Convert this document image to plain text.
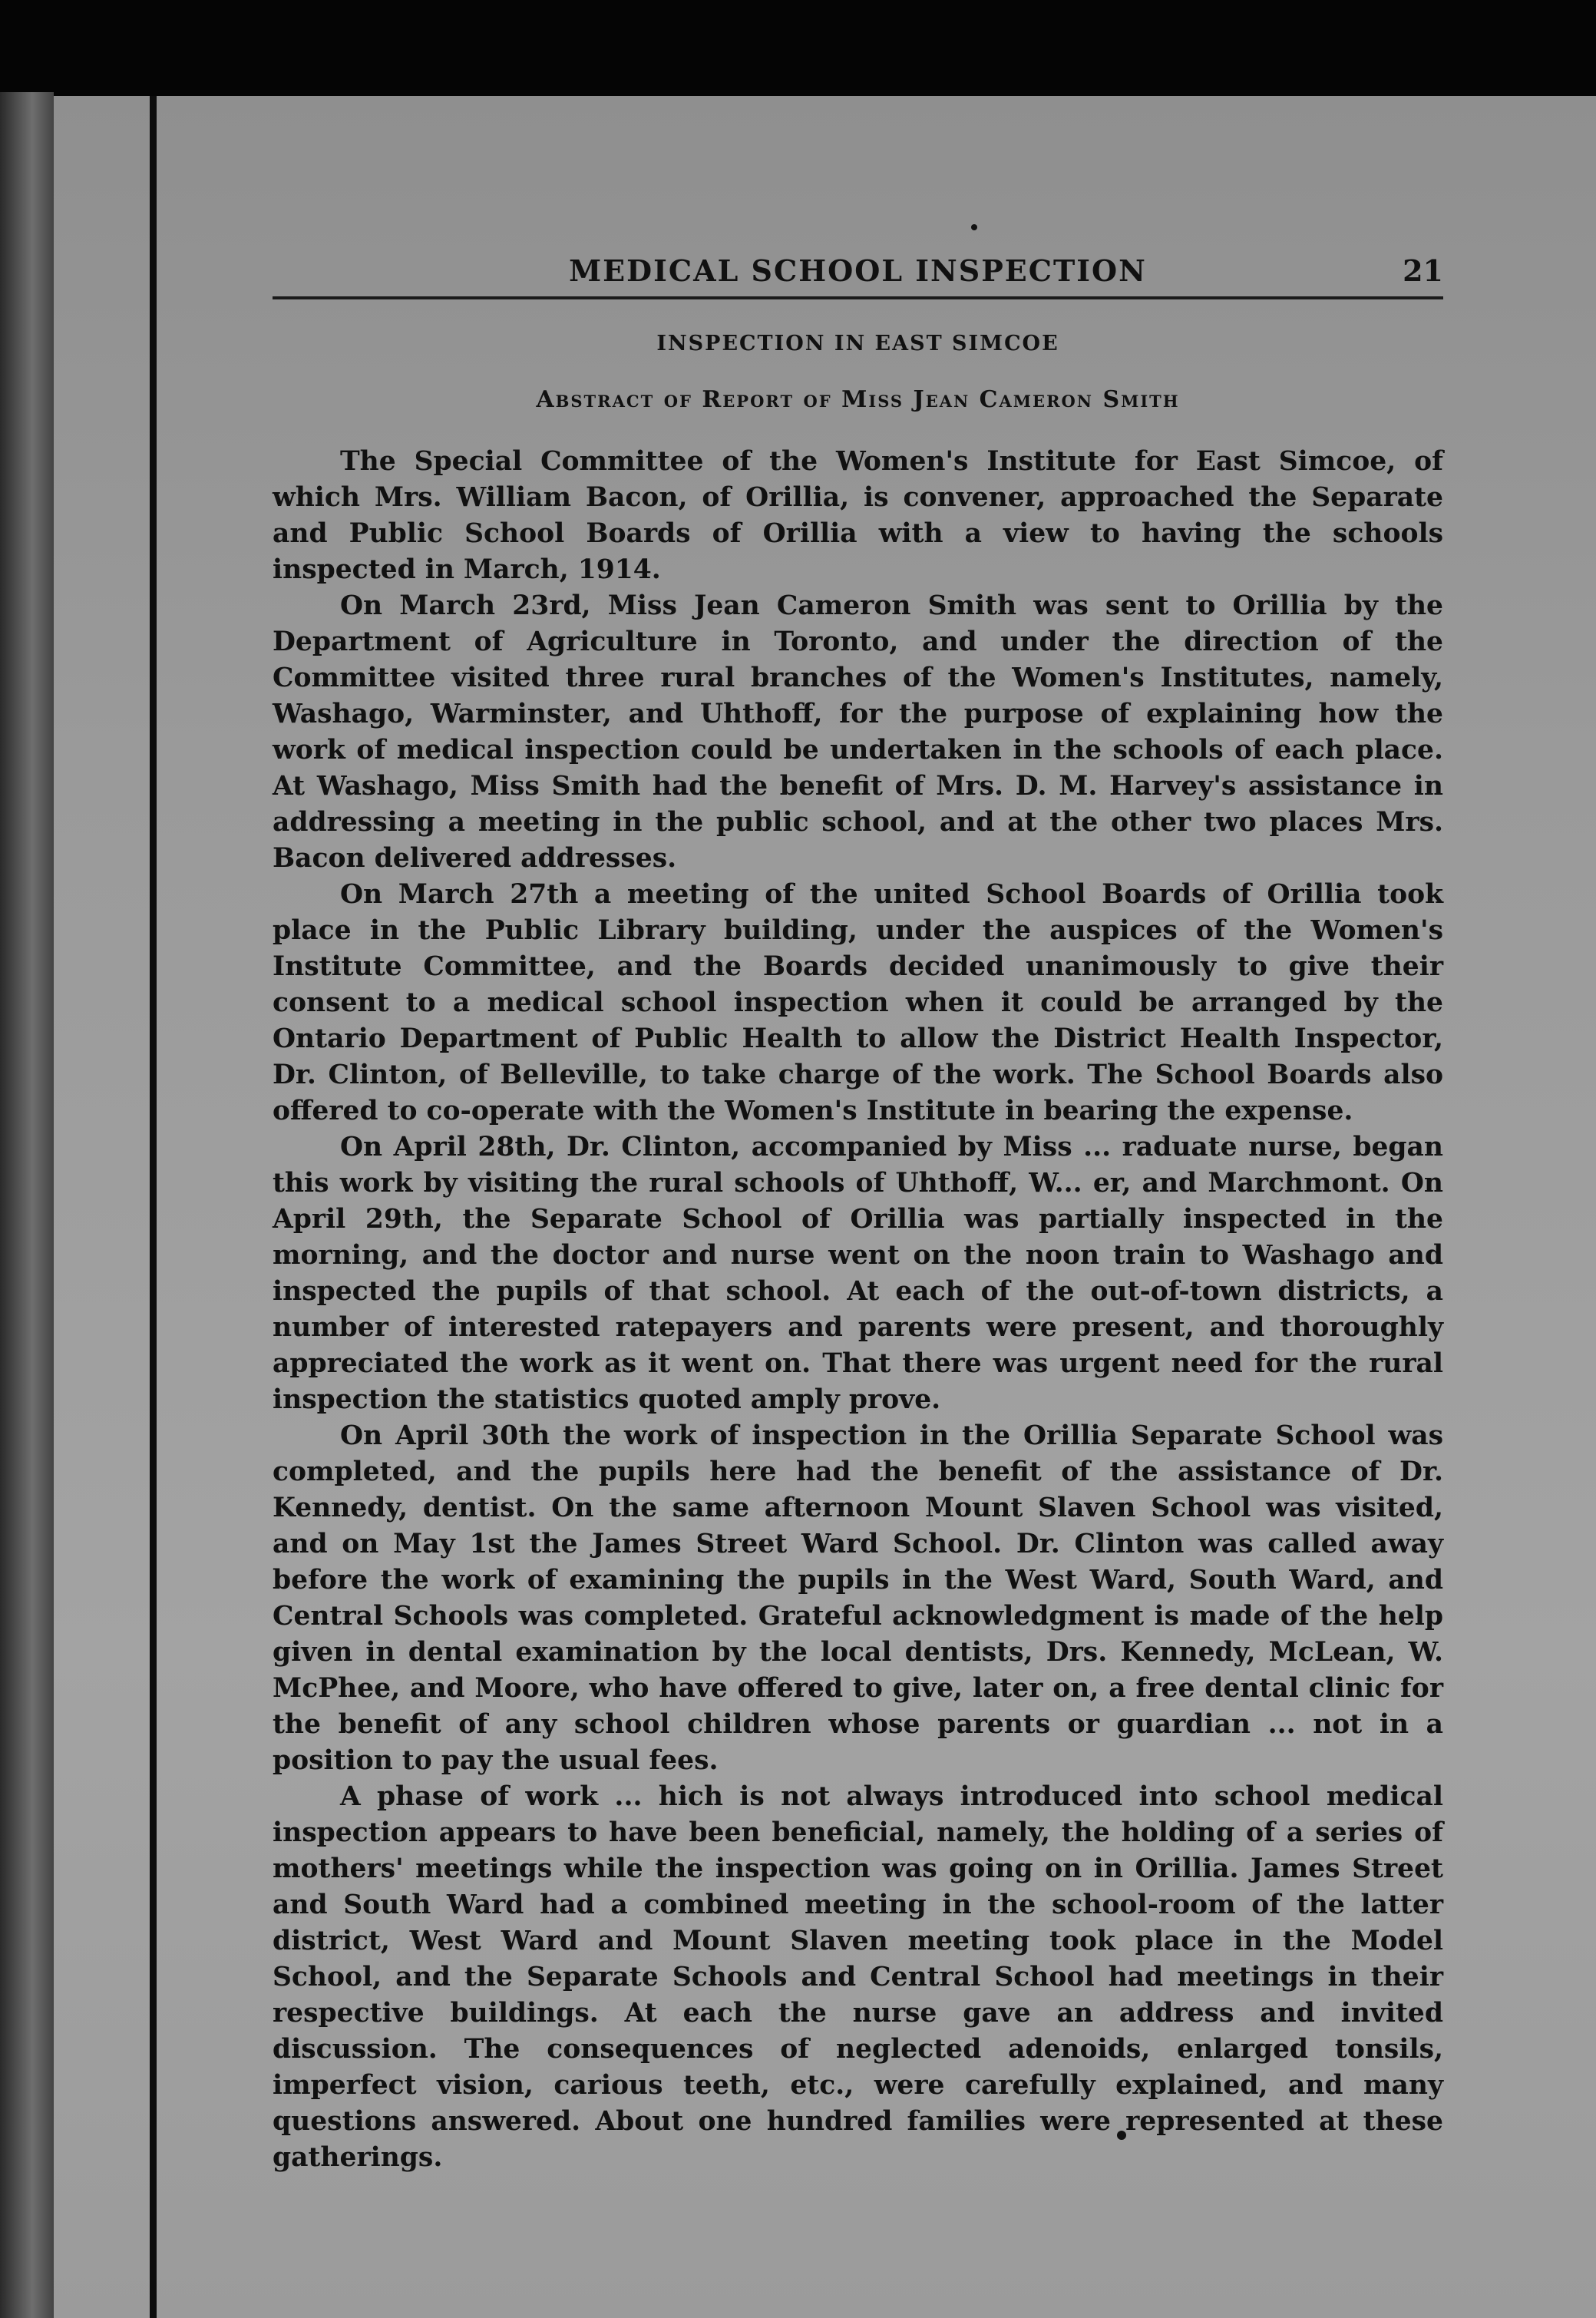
MEDICAL SCHOOL INSPECTION	21
INSPECTION IN EAST SIMCOE
Abstract of Report of Miss Jean Cameron Smith

The Special Committee of the Women's Institute for East Simcoe, of which Mrs. William Bacon, of Orillia, is convener, approached the Separate and Public School Boards of Orillia with a view to having the schools inspected in March, 1914.

On March 23rd, Miss Jean Cameron Smith was sent to Orillia by the Department of Agriculture in Toronto, and under the direction of the Committee visited three rural branches of the Women's Institutes, namely, Washago, Warminster, and Uhthoff, for the purpose of explaining how the work of medical inspection could be undertaken in the schools of each place. At Washago, Miss Smith had the benefit of Mrs. D. M. Harvey's assistance in addressing a meeting in the public school, and at the other two places Mrs. Bacon delivered addresses.

On March 27th a meeting of the united School Boards of Orillia took place in the Public Library building, under the auspices of the Women's Institute Committee, and the Boards decided unanimously to give their consent to a medical school inspection when it could be arranged by the Ontario Department of Public Health to allow the District Health Inspector, Dr. Clinton, of Belleville, to take charge of the work. The School Boards also offered to co-operate with the Women's Institute in bearing the expense.

On April 28th, Dr. Clinton, accompanied by Miss ... raduate nurse, began this work by visiting the rural schools of Uhthoff, W... er, and Marchmont. On April 29th, the Separate School of Orillia was partially inspected in the morning, and the doctor and nurse went on the noon train to Washago and inspected the pupils of that school. At each of the out-of-town districts, a number of interested ratepayers and parents were present, and thoroughly appreciated the work as it went on. That there was urgent need for the rural inspection the statistics quoted amply prove.

On April 30th the work of inspection in the Orillia Separate School was completed, and the pupils here had the benefit of the assistance of Dr. Kennedy, dentist. On the same afternoon Mount Slaven School was visited, and on May 1st the James Street Ward School. Dr. Clinton was called away before the work of examining the pupils in the West Ward, South Ward, and Central Schools was completed. Grateful acknowledgment is made of the help given in dental examination by the local dentists, Drs. Kennedy, McLean, W. McPhee, and Moore, who have offered to give, later on, a free dental clinic for the benefit of any school children whose parents or guardian ... not in a position to pay the usual fees.

A phase of work ... hich is not always introduced into school medical inspection appears to have been beneficial, namely, the holding of a series of mothers' meetings while the inspection was going on in Orillia. James Street and South Ward had a combined meeting in the school-room of the latter district, West Ward and Mount Slaven meeting took place in the Model School, and the Separate Schools and Central School had meetings in their respective buildings. At each the nurse gave an address and invited discussion. The consequences of neglected adenoids, enlarged tonsils, imperfect vision, carious teeth, etc., were carefully explained, and many questions answered. About one hundred families were represented at these gatherings.
